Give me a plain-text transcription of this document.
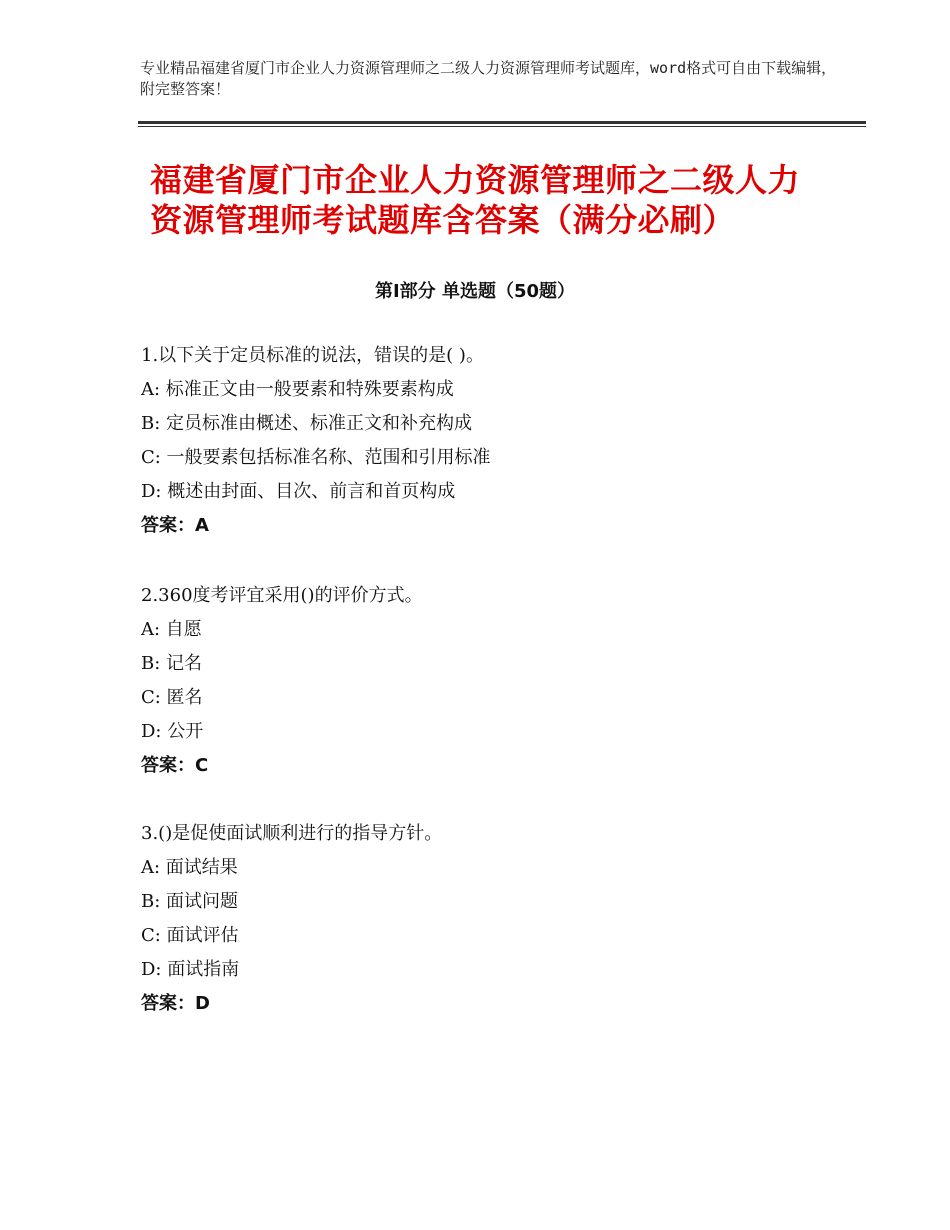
专业精品福建省厦门市企业人力资源管理师之二级人力资源管理师考试题库，word格式可自由下载编辑，附完整答案！
福建省厦门市企业人力资源管理师之二级人力资源管理师考试题库含答案（满分必刷）
第Ⅰ部分 单选题（50题）
1.以下关于定员标准的说法，错误的是( )。
A: 标准正文由一般要素和特殊要素构成
B: 定员标准由概述、标准正文和补充构成
C: 一般要素包括标准名称、范围和引用标准
D: 概述由封面、目次、前言和首页构成
答案：A
2.360度考评宜采用()的评价方式。
A: 自愿
B: 记名
C: 匿名
D: 公开
答案：C
3.()是促使面试顺利进行的指导方针。
A: 面试结果
B: 面试问题
C: 面试评估
D: 面试指南
答案：D
